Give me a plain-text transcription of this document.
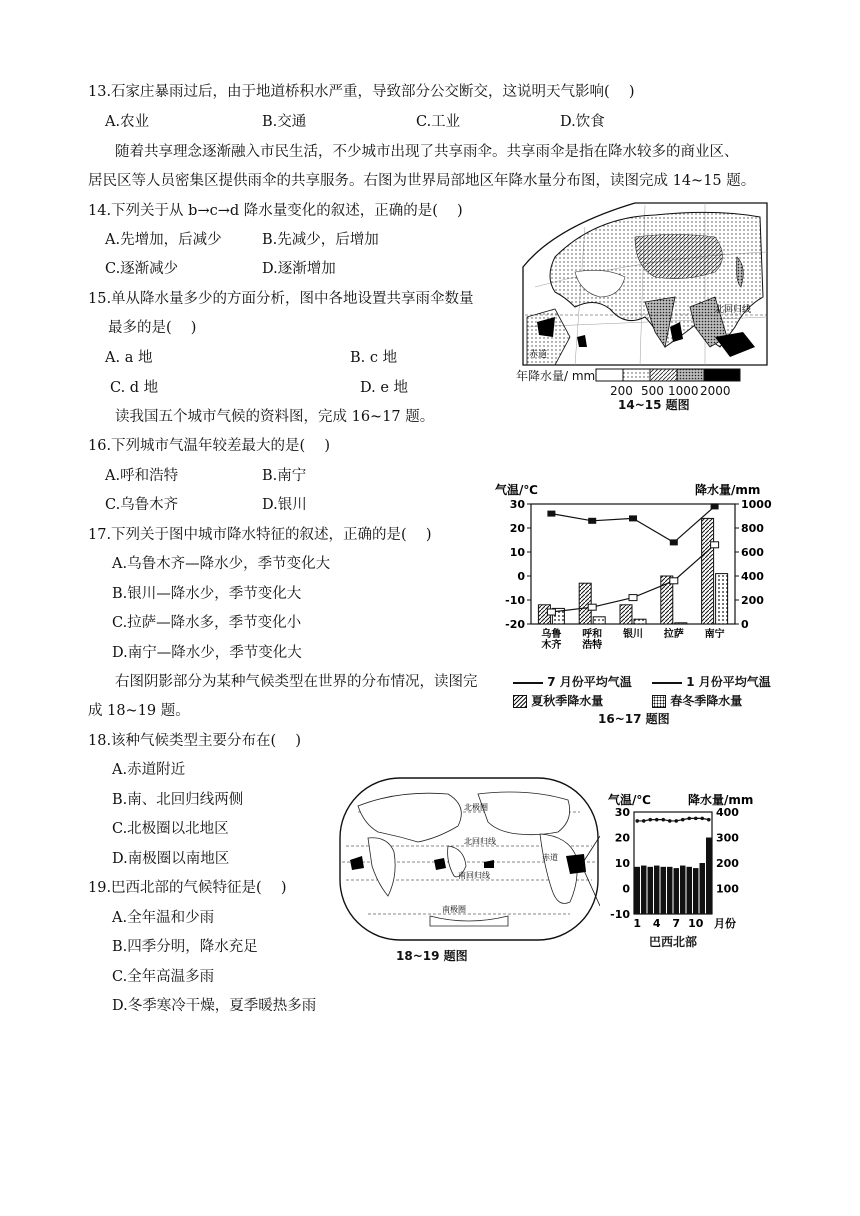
13.石家庄暴雨过后，由于地道桥积水严重，导致部分公交断交，这说明天气影响(　 )
A.农业	B.交通	C.工业	D.饮食
随着共享理念逐渐融入市民生活，不少城市出现了共享雨伞。共享雨伞是指在降水较多的商业区、
居民区等人员密集区提供雨伞的共享服务。右图为世界局部地区年降水量分布图，读图完成 14~15 题。
14.下列关于从 b→c→d 降水量变化的叙述，正确的是(　 )
A.先增加，后减少	B.先减少，后增加
C.逐渐减少	D.逐渐增加
15.单从降水量多少的方面分析，图中各地设置共享雨伞数量
最多的是(　 )
A. a 地	B. c 地
C. d 地	D. e 地
读我国五个城市气候的资料图，完成 16~17 题。
16.下列城市气温年较差最大的是(　 )
A.呼和浩特	B.南宁
C.乌鲁木齐	D.银川
17.下列关于图中城市降水特征的叙述，正确的是(　 )
A.乌鲁木齐—降水少，季节变化大
B.银川—降水少，季节变化大
C.拉萨—降水多，季节变化小
D.南宁—降水少，季节变化大
右图阴影部分为某种气候类型在世界的分布情况，读图完
成 18~19 题。
18.该种气候类型主要分布在(　 )
A.赤道附近
B.南、北回归线两侧
C.北极圈以北地区
D.南极圈以南地区
19.巴西北部的气候特征是(　 )
A.全年温和少雨
B.四季分明，降水充足
C.全年高温多雨
D.冬季寒冷干燥，夏季暖热多雨
北回归线
赤道
年降水量/ mm
200 500 1000 2000
14~15 题图
气温/℃	降水量/mm
30
20
10
0
-10
-20
1000
800
600
400
200
0
乌鲁
木齐
呼和
浩特
银川 拉萨 南宁
7 月份平均气温	1 月份平均气温
夏秋季降水量	春冬季降水量
16~17 题图
北极圈
北回归线
赤道
南回归线
南极圈
18~19 题图
气温/℃	降水量/mm
30
20
10
0
-10
400
300
200
100
1 4 7 10 月份
巴西北部
